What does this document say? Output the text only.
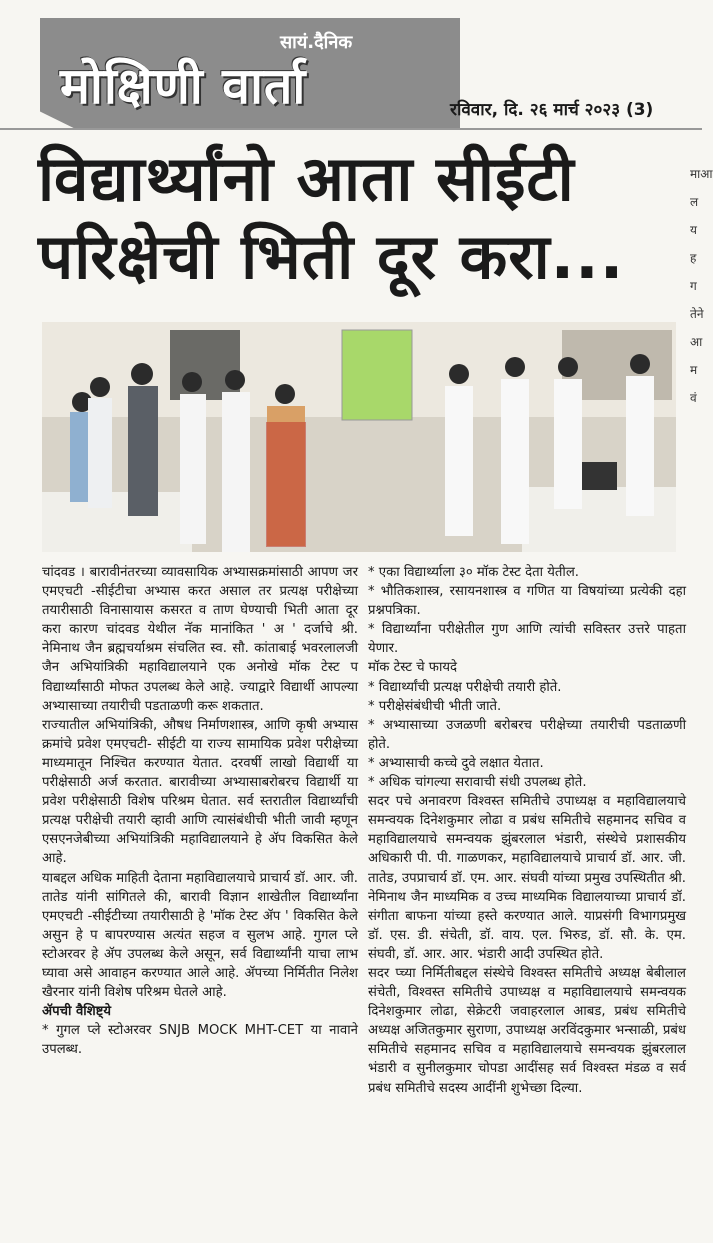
सायं.दैनिक
मोक्षिणी वार्ता	रविवार, दि. २६ मार्च २०२३ (3)
विद्यार्थ्यांनो आता सीईटी
परिक्षेची भिती दूर करा...

चांदवड । बारावीनंतरच्या व्यावसायिक अभ्यासक्रमांसाठी आपण जर एमएचटी -सीईटीचा अभ्यास करत असाल तर प्रत्यक्ष परीक्षेच्या तयारीसाठी विनासायास कसरत व ताण घेण्याची भिती आता दूर करा कारण चांदवड येथील नॅक मानांकित ' अ ' दर्जाचे श्री. नेमिनाथ जैन ब्रह्मचर्याश्रम संचलित स्व. सौ. कांताबाई भवरलालजी जैन अभियांत्रिकी महाविद्यालयाने एक अनोखे मॉक टेस्ट प विद्यार्थ्यांसाठी मोफत उपलब्ध केले आहे. ज्याद्वारे विद्यार्थी आपल्या अभ्यासाच्या तयारीची पडताळणी करू शकतात.

राज्यातील अभियांत्रिकी, औषध निर्माणशास्त्र, आणि कृषी अभ्यास क्रमांचे प्रवेश एमएचटी- सीईटी या राज्य सामायिक प्रवेश परीक्षेच्या माध्यमातून निश्चित करण्यात येतात. दरवर्षी लाखो विद्यार्थी या परीक्षेसाठी अर्ज करतात. बारावीच्या अभ्यासाबरोबरच विद्यार्थी या प्रवेश परीक्षेसाठी विशेष परिश्रम घेतात. सर्व स्तरातील विद्यार्थ्यांची प्रत्यक्ष परीक्षेची तयारी व्हावी आणि त्यासंबंधीची भीती जावी म्हणून एसएनजेबीच्या अभियांत्रिकी महाविद्यालयाने हे ॲप विकसित केले आहे.

याबद्दल अधिक माहिती देताना महाविद्यालयाचे प्राचार्य डॉ. आर. जी. तातेड यांनी सांगितले की, बारावी विज्ञान शाखेतील विद्यार्थ्यांना एमएचटी -सीईटीच्या तयारीसाठी हे 'मॉक टेस्ट ॲप ' विकसित केले असुन हे प बापरण्यास अत्यंत सहज व सुलभ आहे. गुगल प्ले स्टोअरवर हे ॲप उपलब्ध केले असून, सर्व विद्यार्थ्यांनी याचा लाभ घ्यावा असे आवाहन करण्यात आले आहे. ॲपच्या निर्मितीत निलेश खैरनार यांनी विशेष परिश्रम घेतले आहे.

ॲपची वैशिष्ट्ये

* गुगल प्ले स्टोअरवर SNJB MOCK MHT-CET या नावाने उपलब्ध.

* एका विद्यार्थ्याला ३० मॉक टेस्ट देता येतील.

* भौतिकशास्त्र, रसायनशास्त्र व गणित या विषयांच्या प्रत्येकी दहा प्रश्नपत्रिका.

* विद्यार्थ्यांना परीक्षेतील गुण आणि त्यांची सविस्तर उत्तरे पाहता येणार.

मॉक टेस्ट चे फायदे

* विद्यार्थ्यांची प्रत्यक्ष परीक्षेची तयारी होते.

* परीक्षेसंबंधीची भीती जाते.

* अभ्यासाच्या उजळणी बरोबरच परीक्षेच्या तयारीची पडताळणी होते.

* अभ्यासाची कच्चे दुवे लक्षात येतात.

* अधिक चांगल्या सरावाची संधी उपलब्ध होते.

सदर पचे अनावरण विश्वस्त समितीचे उपाध्यक्ष व महाविद्यालयाचे समन्वयक दिनेशकुमार लोढा व प्रबंध समितीचे सहमानद सचिव व महाविद्यालयाचे समन्वयक झुंबरलाल भंडारी, संस्थेचे प्रशासकीय अधिकारी पी. पी. गाळणकर, महाविद्यालयाचे प्राचार्य डॉ. आर. जी. तातेड, उपप्राचार्य डॉ. एम. आर. संघवी यांच्या प्रमुख उपस्थितीत श्री. नेमिनाथ जैन माध्यमिक व उच्च माध्यमिक विद्यालयाच्या प्राचार्य डॉ. संगीता बाफना यांच्या हस्ते करण्यात आले. याप्रसंगी विभागप्रमुख डॉ. एस. डी. संचेती, डॉ. वाय. एल. भिरुड, डॉ. सौ. के. एम. संघवी, डॉ. आर. आर. भंडारी आदी उपस्थित होते.

सदर प्च्या निर्मितीबद्दल संस्थेचे विश्वस्त समितीचे अध्यक्ष बेबीलाल संचेती, विश्वस्त समितीचे उपाध्यक्ष व महाविद्यालयाचे समन्वयक दिनेशकुमार लोढा, सेक्रेटरी जवाहरलाल आबड, प्रबंध समितीचे अध्यक्ष अजितकुमार सुराणा, उपाध्यक्ष अरविंदकुमार भन्साळी, प्रबंध समितीचे सहमानद सचिव व महाविद्यालयाचे समन्वयक झुंबरलाल भंडारी व सुनीलकुमार चोपडा आदींसह सर्व विश्वस्त मंडळ व सर्व प्रबंध समितीचे सदस्य आदींनी शुभेच्छा दिल्या.

माआलय हगतेने आमवं
